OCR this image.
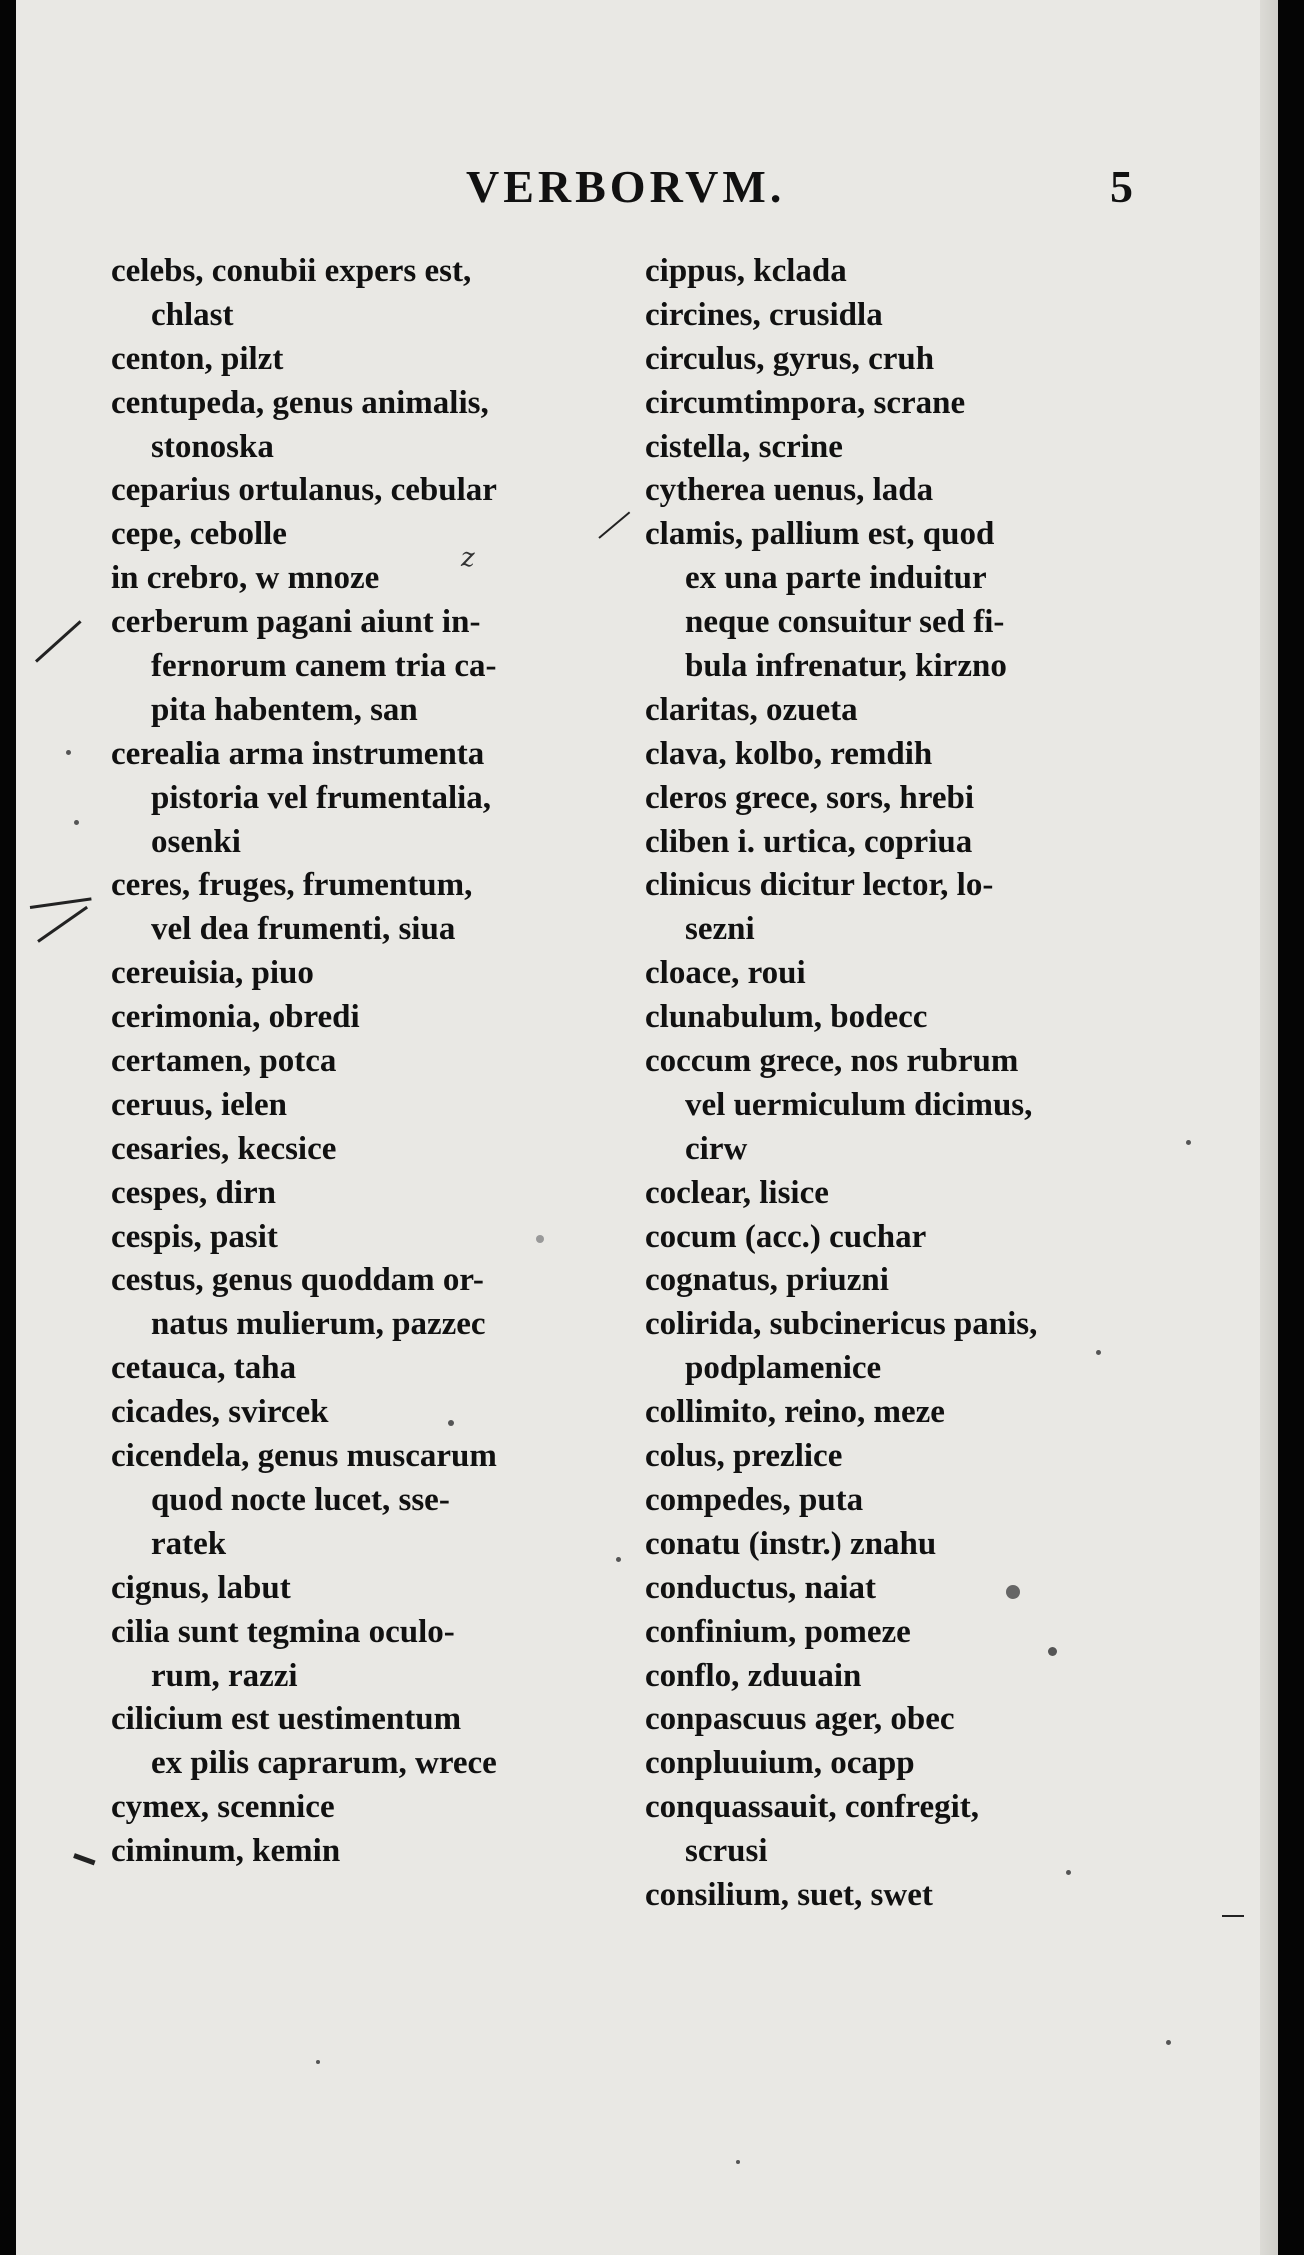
VERBORVM.	5
celebs, conubii expers est,
chlast
centon, pilzt
centupeda, genus animalis,
stonoska
ceparius ortulanus, cebular
cepe, cebolle
in crebro, w mnoze
cerberum pagani aiunt in-
fernorum canem tria ca-
pita habentem, san
cerealia arma instrumenta
pistoria vel frumentalia,
osenki
ceres, fruges, frumentum,
vel dea frumenti, siua
cereuisia, piuo
cerimonia, obredi
certamen, potca
ceruus, ielen
cesaries, kecsice
cespes, dirn
cespis, pasit
cestus, genus quoddam or-
natus mulierum, pazzec
cetauca, taha
cicades, svircek
cicendela, genus muscarum
quod nocte lucet, sse-
ratek
cignus, labut
cilia sunt tegmina oculo-
rum, razzi
cilicium est uestimentum
ex pilis caprarum, wrece
cymex, scennice
ciminum, kemin
cippus, kclada
circines, crusidla
circulus, gyrus, cruh
circumtimpora, scrane
cistella, scrine
cytherea uenus, lada
clamis, pallium est, quod
ex una parte induitur
neque consuitur sed fi-
bula infrenatur, kirzno
claritas, ozueta
clava, kolbo, remdih
cleros grece, sors, hrebi
cliben i. urtica, copriua
clinicus dicitur lector, lo-
sezni
cloace, roui
clunabulum, bodecc
coccum grece, nos rubrum
vel uermiculum dicimus,
cirw
coclear, lisice
cocum (acc.) cuchar
cognatus, priuzni
colirida, subcinericus panis,
podplamenice
collimito, reino, meze
colus, prezlice
compedes, puta
conatu (instr.) znahu
conductus, naiat
confinium, pomeze
conflo, zduuain
conpascuus ager, obec
conpluuium, ocapp
conquassauit, confregit,
scrusi
consilium, suet, swet
z
